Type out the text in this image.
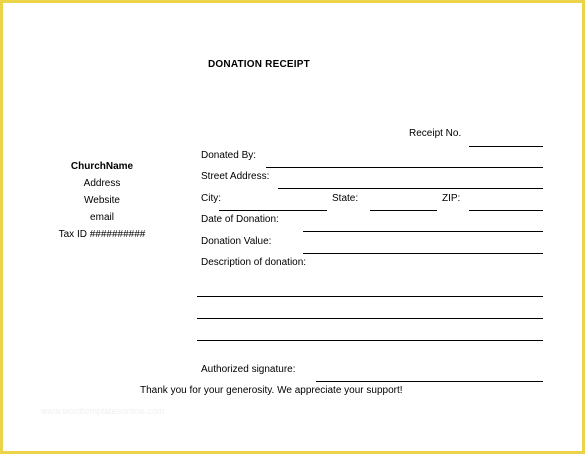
DONATION RECEIPT
Receipt No.
ChurchName
Address
Website
email
Tax ID ##########
Donated By:
Street Address:
City:	State:	ZIP:
Date of Donation:
Donation Value:
Description of donation:
Authorized signature:
Thank you for your generosity. We appreciate your support!
www.wordtemplatesonline.com
